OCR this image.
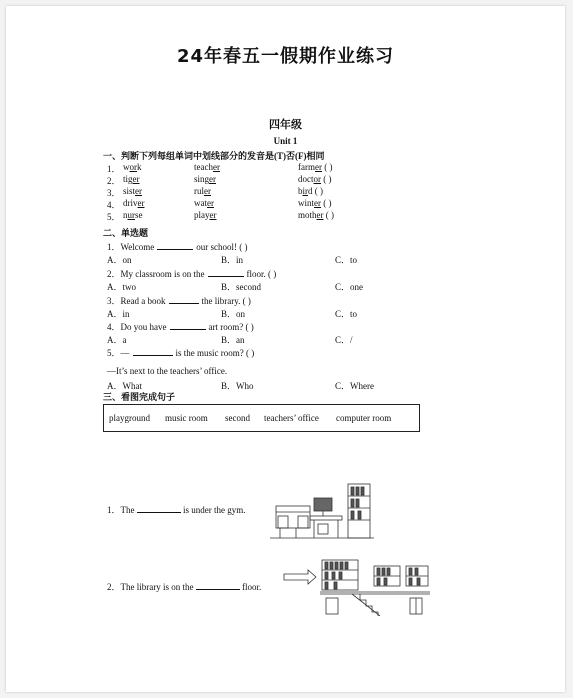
24年春五一假期作业练习
四年级
Unit 1
一、判断下列每组单词中划线部分的发音是(T)否(F)相同
1． work	teacher	farmer ( )
2． tiger	singer	doctor ( )
3． sister	ruler	bird ( )
4． driver	water	winter ( )
5． nurse	player	mother ( )
二、单选题
1．Welcome	our school! ( )
A．on	B．in	C．to
2．My classroom is on the	floor. ( )
A．two	B．second	C．one
3．Read a book	the library. ( )
A．in	B．on	C．to
4．Do you have	art room? ( )
A．a	B．an	C．/
5．—	is the music room? ( )
A．What	B．Who	C．Where
—It’s next to the teachers’ office.
三、看图完成句子
playground music room second teachers’ office computer room
1．The	is under the gym.
2．The library is on the	floor.
